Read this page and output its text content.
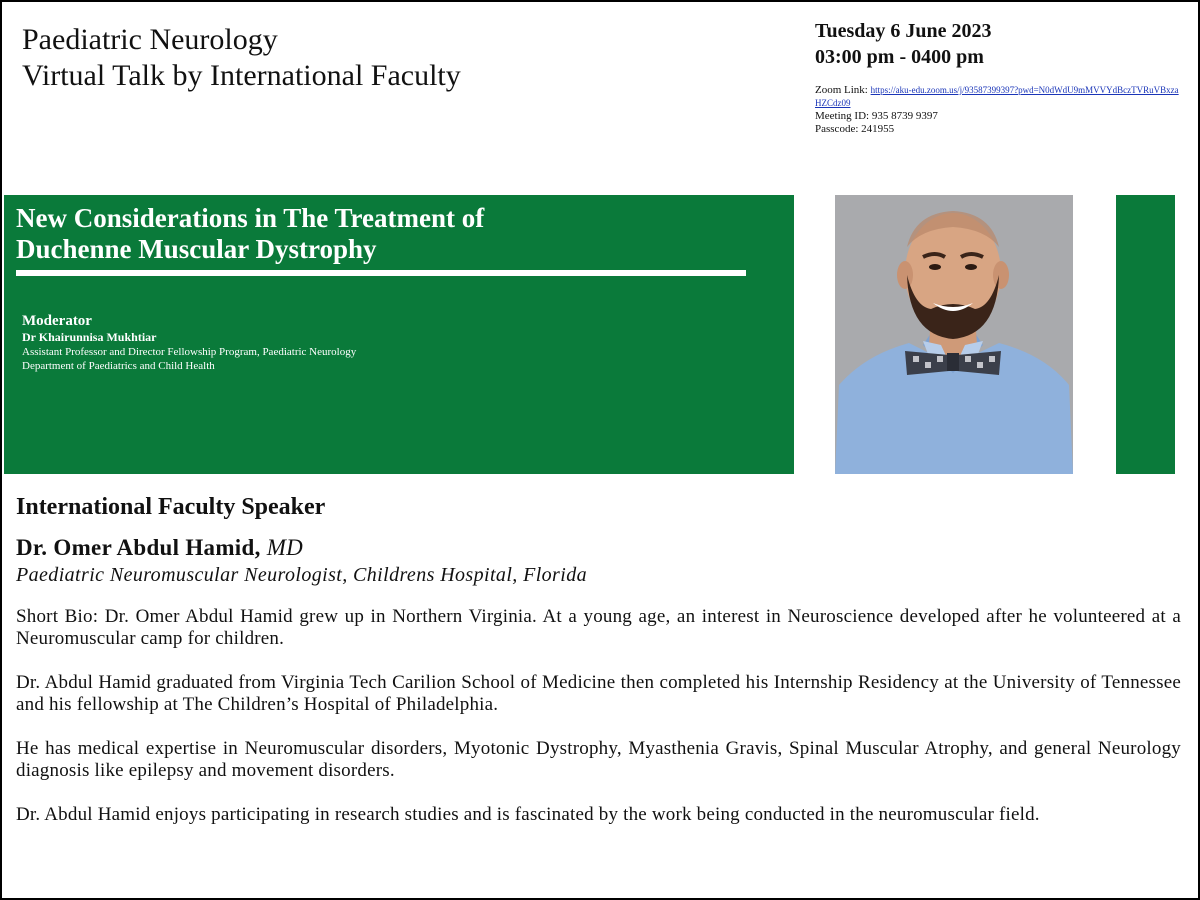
Paediatric Neurology
Virtual Talk by International Faculty
Tuesday 6 June 2023
03:00 pm - 0400 pm
Zoom Link: https://aku-edu.zoom.us/j/93587399397?pwd=N0dWdU9mMVVYdBczTVRuVBxzaHZCdz09
Meeting ID: 935 8739 9397
Passcode: 241955
New Considerations in The Treatment of
Duchenne Muscular Dystrophy
Moderator
Dr Khairunnisa Mukhtiar
Assistant Professor and Director Fellowship Program, Paediatric Neurology
Department of Paediatrics and Child Health
International Faculty Speaker
Dr. Omer Abdul Hamid, MD
Paediatric Neuromuscular Neurologist, Childrens Hospital, Florida

Short Bio: Dr. Omer Abdul Hamid grew up in Northern Virginia. At a young age, an interest in Neuroscience developed after he volunteered at a Neuromuscular camp for children.

Dr. Abdul Hamid graduated from Virginia Tech Carilion School of Medicine then completed his Internship Residency at the University of Tennessee and his fellowship at The Children’s Hospital of Philadelphia.

He has medical expertise in Neuromuscular disorders, Myotonic Dystrophy, Myasthenia Gravis, Spinal Muscular Atrophy, and general Neurology diagnosis like epilepsy and movement disorders.

Dr. Abdul Hamid enjoys participating in research studies and is fascinated by the work being conducted in the neuromuscular field.
